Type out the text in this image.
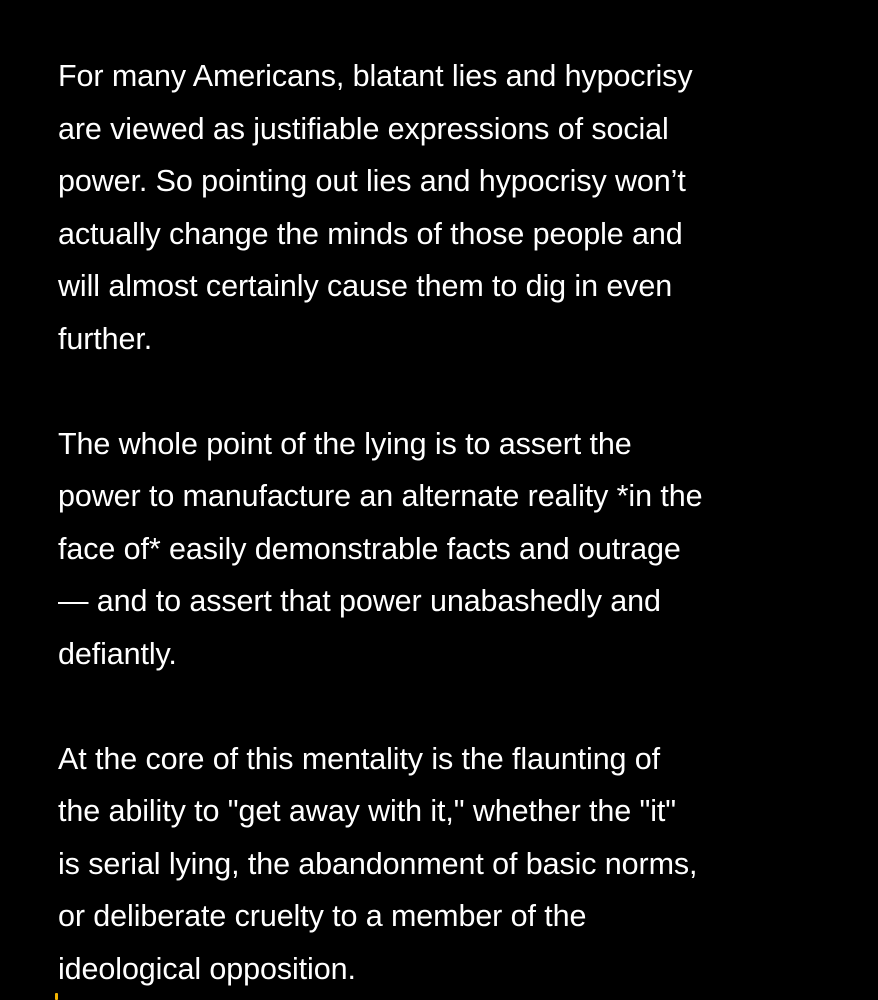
For many Americans, blatant lies and hypocrisy
are viewed as justifiable expressions of social
power. So pointing out lies and hypocrisy won’t
actually change the minds of those people and
will almost certainly cause them to dig in even
further.

The whole point of the lying is to assert the
power to manufacture an alternate reality *in the
face of* easily demonstrable facts and outrage
— and to assert that power unabashedly and
defiantly.

At the core of this mentality is the flaunting of
the ability to "get away with it," whether the "it"
is serial lying, the abandonment of basic norms,
or deliberate cruelty to a member of the
ideological opposition.
